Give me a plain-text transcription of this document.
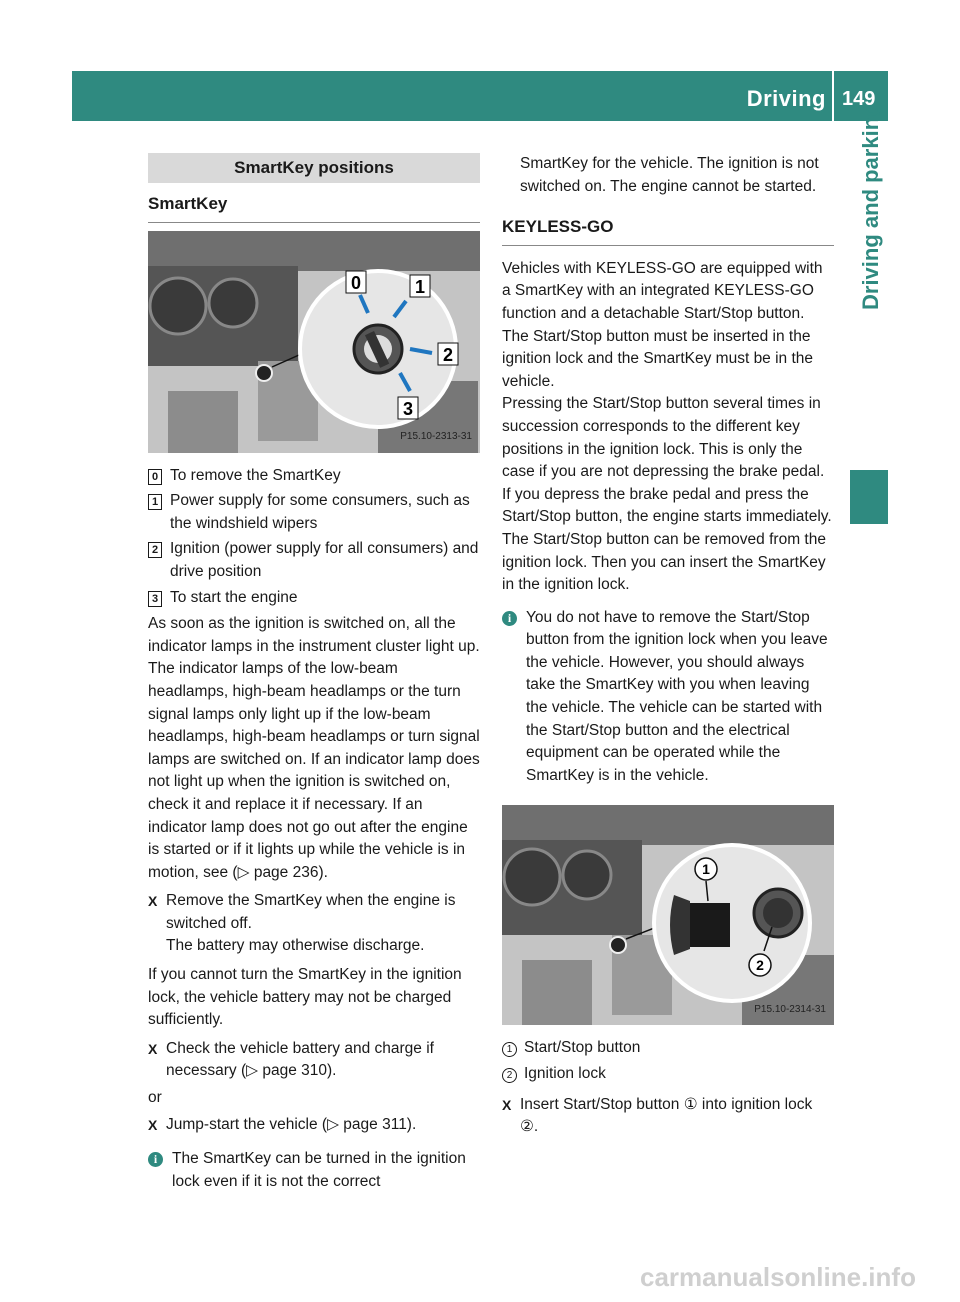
Driving 149
Driving and parking
SmartKey positions
SmartKey
0	1
2
3
P15.10-2313-31
0 To remove the SmartKey
1 Power supply for some consumers, such as the windshield wipers
2 Ignition (power supply for all consumers) and drive position
3 To start the engine

As soon as the ignition is switched on, all the indicator lamps in the instrument cluster light up. The indicator lamps of the low-beam headlamps, high-beam headlamps or the turn signal lamps only light up if the low-beam headlamps, high-beam headlamps or turn signal lamps are switched on. If an indicator lamp does not light up when the ignition is switched on, check it and replace it if necessary. If an indicator lamp does not go out after the engine is started or if it lights up while the vehicle is in motion, see (▷ page 236).

X Remove the SmartKey when the engine is switched off.
The battery may otherwise discharge.

If you cannot turn the SmartKey in the ignition lock, the vehicle battery may not be charged sufficiently.

X Check the vehicle battery and charge if necessary (▷ page 310).

or

X Jump-start the vehicle (▷ page 311).
i The SmartKey can be turned in the ignition lock even if it is not the correct

SmartKey for the vehicle. The ignition is not switched on. The engine cannot be started.

KEYLESS-GO

Vehicles with KEYLESS-GO are equipped with a SmartKey with an integrated KEYLESS-GO function and a detachable Start/Stop button.

The Start/Stop button must be inserted in the ignition lock and the SmartKey must be in the vehicle.

Pressing the Start/Stop button several times in succession corresponds to the different key positions in the ignition lock. This is only the case if you are not depressing the brake pedal.

If you depress the brake pedal and press the Start/Stop button, the engine starts immediately.

The Start/Stop button can be removed from the ignition lock. Then you can insert the SmartKey in the ignition lock.

i You do not have to remove the Start/Stop button from the ignition lock when you leave the vehicle. However, you should always take the SmartKey with you when leaving the vehicle. The vehicle can be started with the Start/Stop button and the electrical equipment can be operated while the SmartKey is in the vehicle.
1
2
P15.10-2314-31
1 Start/Stop button
2 Ignition lock
X Insert Start/Stop button ① into ignition lock ②.
carmanualsonline.info
